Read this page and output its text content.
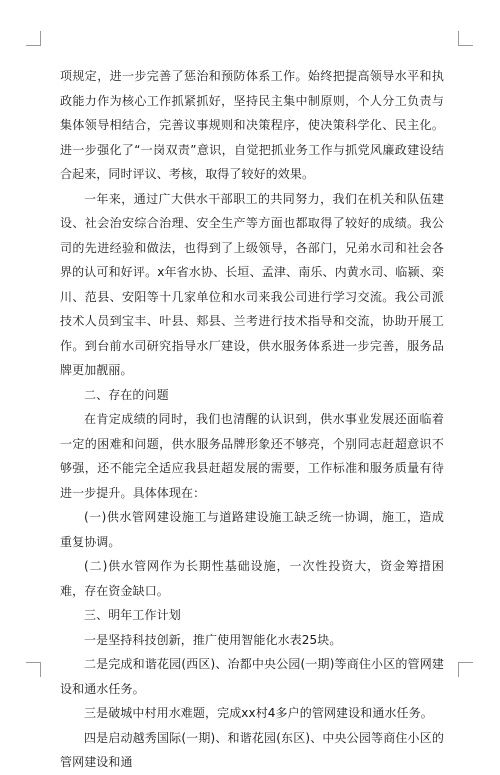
项规定，进一步完善了惩治和预防体系工作。始终把提高领导水平和执政能力作为核心工作抓紧抓好，坚持民主集中制原则，个人分工负责与集体领导相结合，完善议事规则和决策程序，使决策科学化、民主化。进一步强化了“一岗双责”意识，自觉把抓业务工作与抓党风廉政建设结合起来，同时评议、考核，取得了较好的效果。

一年来，通过广大供水干部职工的共同努力，我们在机关和队伍建设、社会治安综合治理、安全生产等方面也都取得了较好的成绩。我公司的先进经验和做法，也得到了上级领导，各部门，兄弟水司和社会各界的认可和好评。x年省水协、长垣、孟津、南乐、内黄水司、临颍、栾川、范县、安阳等十几家单位和水司来我公司进行学习交流。我公司派技术人员到宝丰、叶县、郏县、兰考进行技术指导和交流，协助开展工作。到台前水司研究指导水厂建设，供水服务体系进一步完善，服务品牌更加靓丽。

二、存在的问题

在肯定成绩的同时，我们也清醒的认识到，供水事业发展还面临着一定的困难和问题，供水服务品牌形象还不够亮，个别同志赶超意识不够强，还不能完全适应我县赶超发展的需要，工作标准和服务质量有待进一步提升。具体体现在：

(一)供水管网建设施工与道路建设施工缺乏统一协调，施工，造成重复协调。

(二)供水管网作为长期性基础设施，一次性投资大，资金筹措困难，存在资金缺口。

三、明年工作计划

一是坚持科技创新，推广使用智能化水表25块。

二是完成和谐花园(西区)、冶都中央公园(一期)等商住小区的管网建设和通水任务。

三是破城中村用水难题，完成xx村4多户的管网建设和通水任务。

四是启动越秀国际(一期)、和谐花园(东区)、中央公园等商住小区的管网建设和通
